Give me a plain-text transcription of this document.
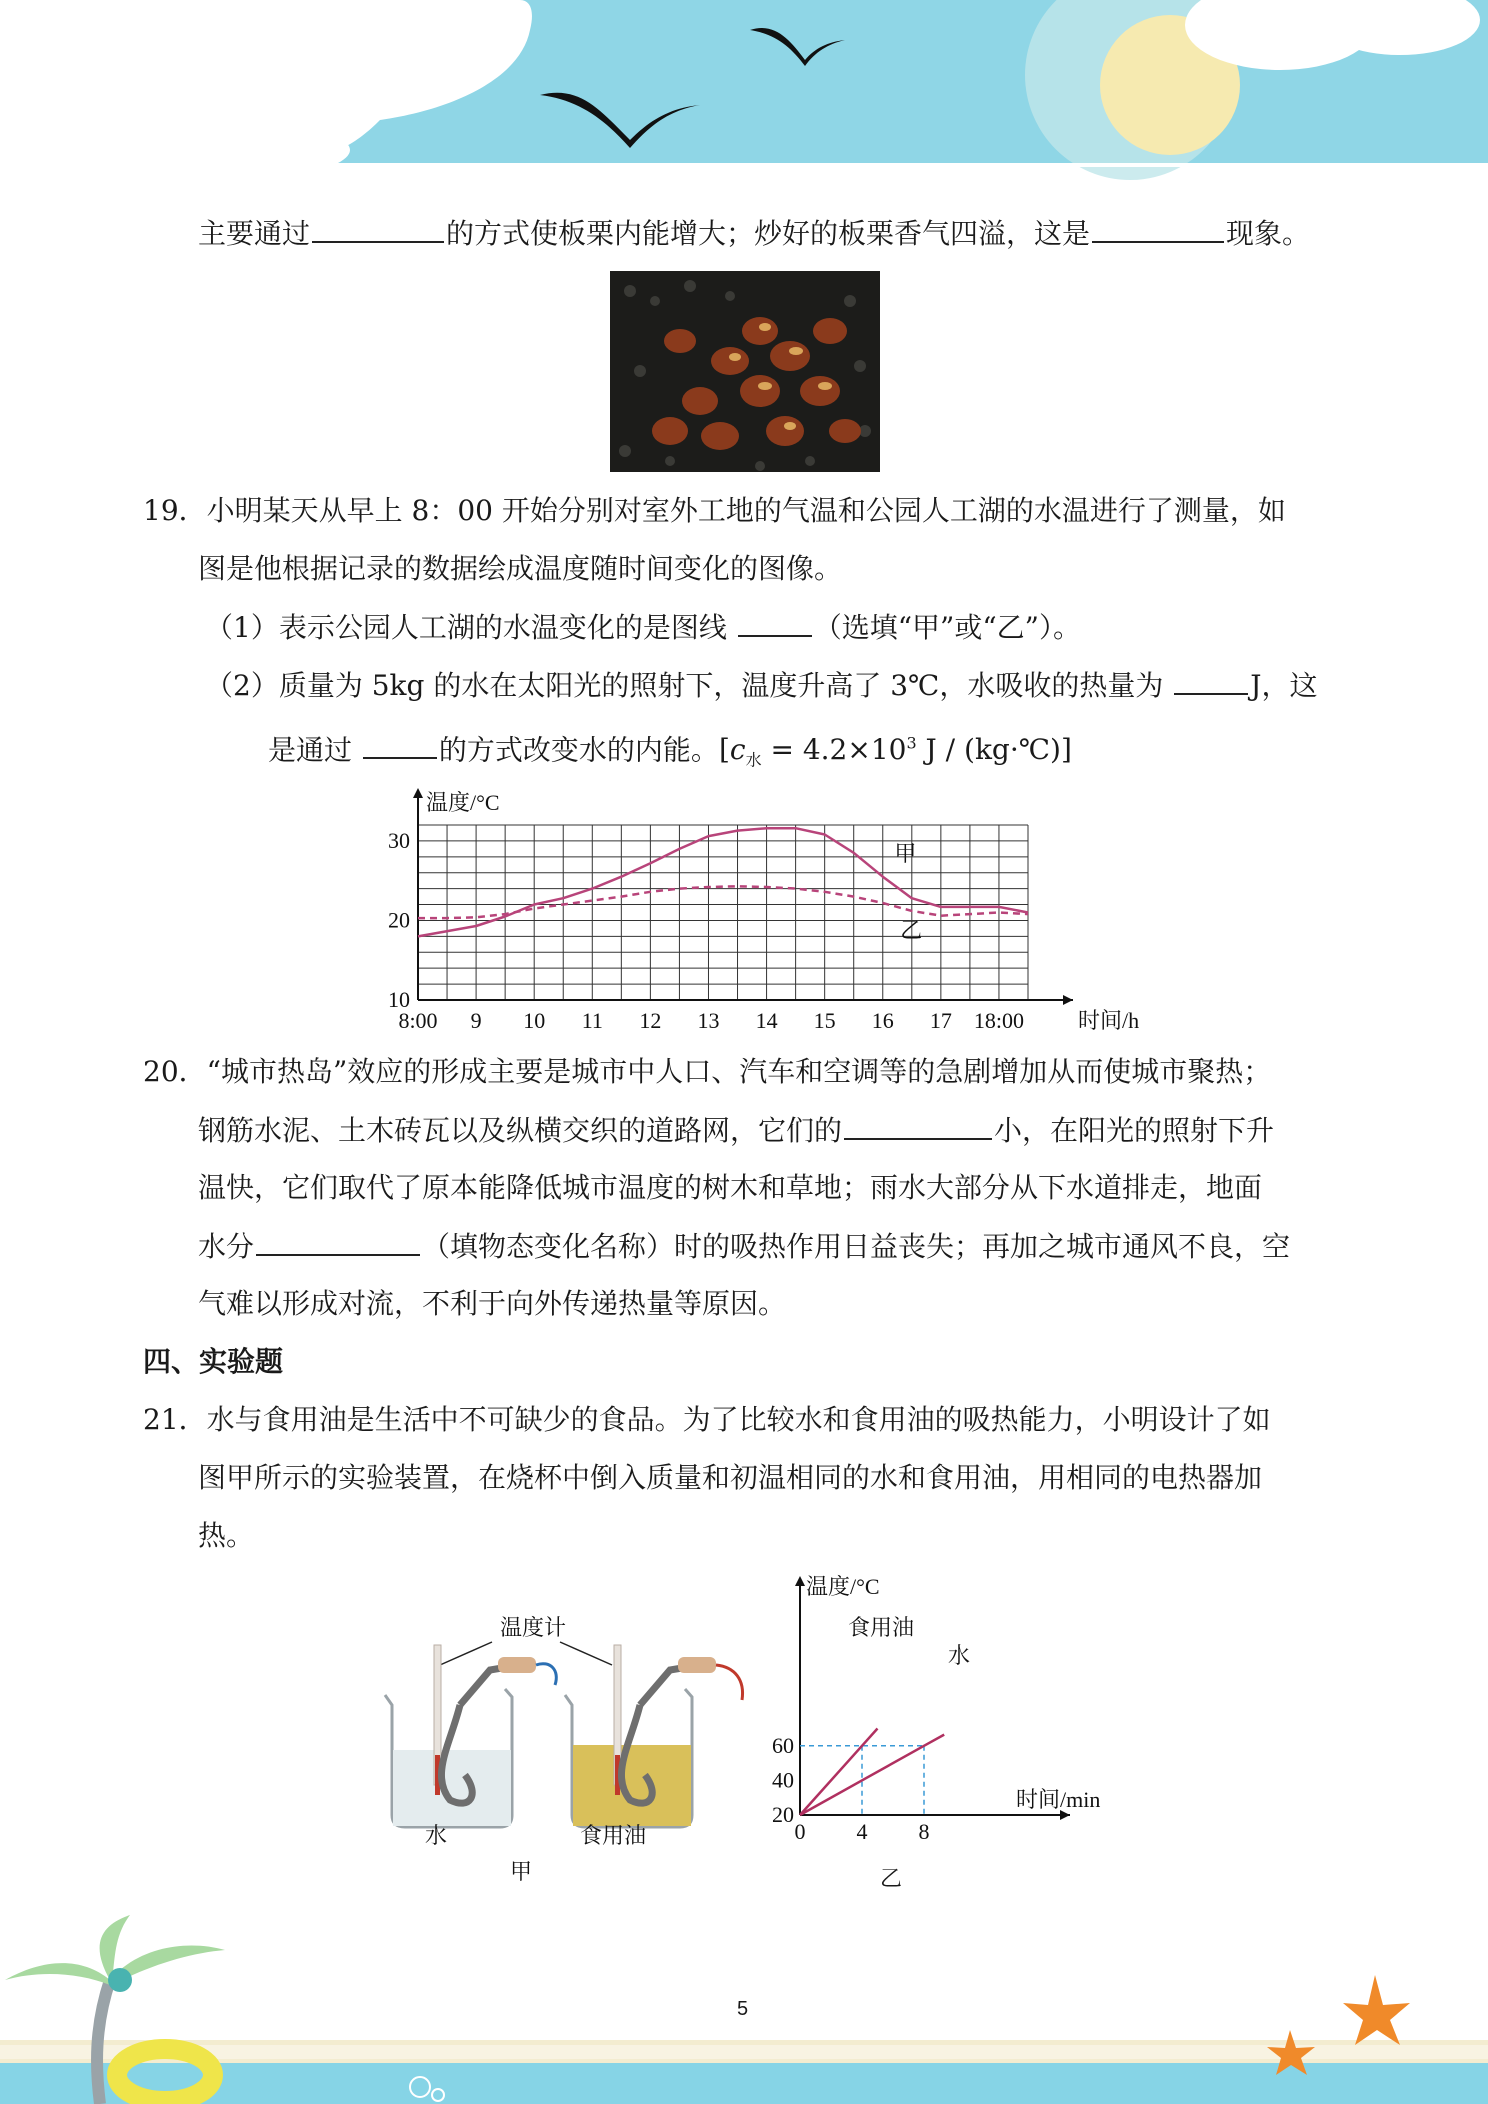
主要通过	的方式使板栗内能增大；炒好的板栗香气四溢，这是	现象。
19．小明某天从早上 8：00 开始分别对室外工地的气温和公园人工湖的水温进行了测量，如
图是他根据记录的数据绘成温度随时间变化的图像。
（1）表示公园人工湖的水温变化的是图线	（选填“甲”或“乙”）。
（2）质量为 5kg 的水在太阳光的照射下，温度升高了 3℃，水吸收的热量为	J，这
是通过	的方式改变水的内能。[$c_水 = 4.2\times 10^3$ J / (kg·℃)]
温度/°C
时间/h
8:00 9 10 11 12 13 14 15 16 17 18:00
10
20
30
甲
乙
20．“城市热岛”效应的形成主要是城市中人口、汽车和空调等的急剧增加从而使城市聚热；
钢筋水泥、土木砖瓦以及纵横交织的道路网，它们的	小，在阳光的照射下升
温快，它们取代了原本能降低城市温度的树木和草地；雨水大部分从下水道排走，地面
水分	（填物态变化名称）时的吸热作用日益丧失；再加之城市通风不良，空
气难以形成对流，不利于向外传递热量等原因。
四、实验题
21．水与食用油是生活中不可缺少的食品。为了比较水和食用油的吸热能力，小明设计了如
图甲所示的实验装置，在烧杯中倒入质量和初温相同的水和食用油，用相同的电热器加
热。
温度计
水	食用油
甲
温度/°C
时间/min
0 4 8
20
40
60
食用油
水
乙
5
